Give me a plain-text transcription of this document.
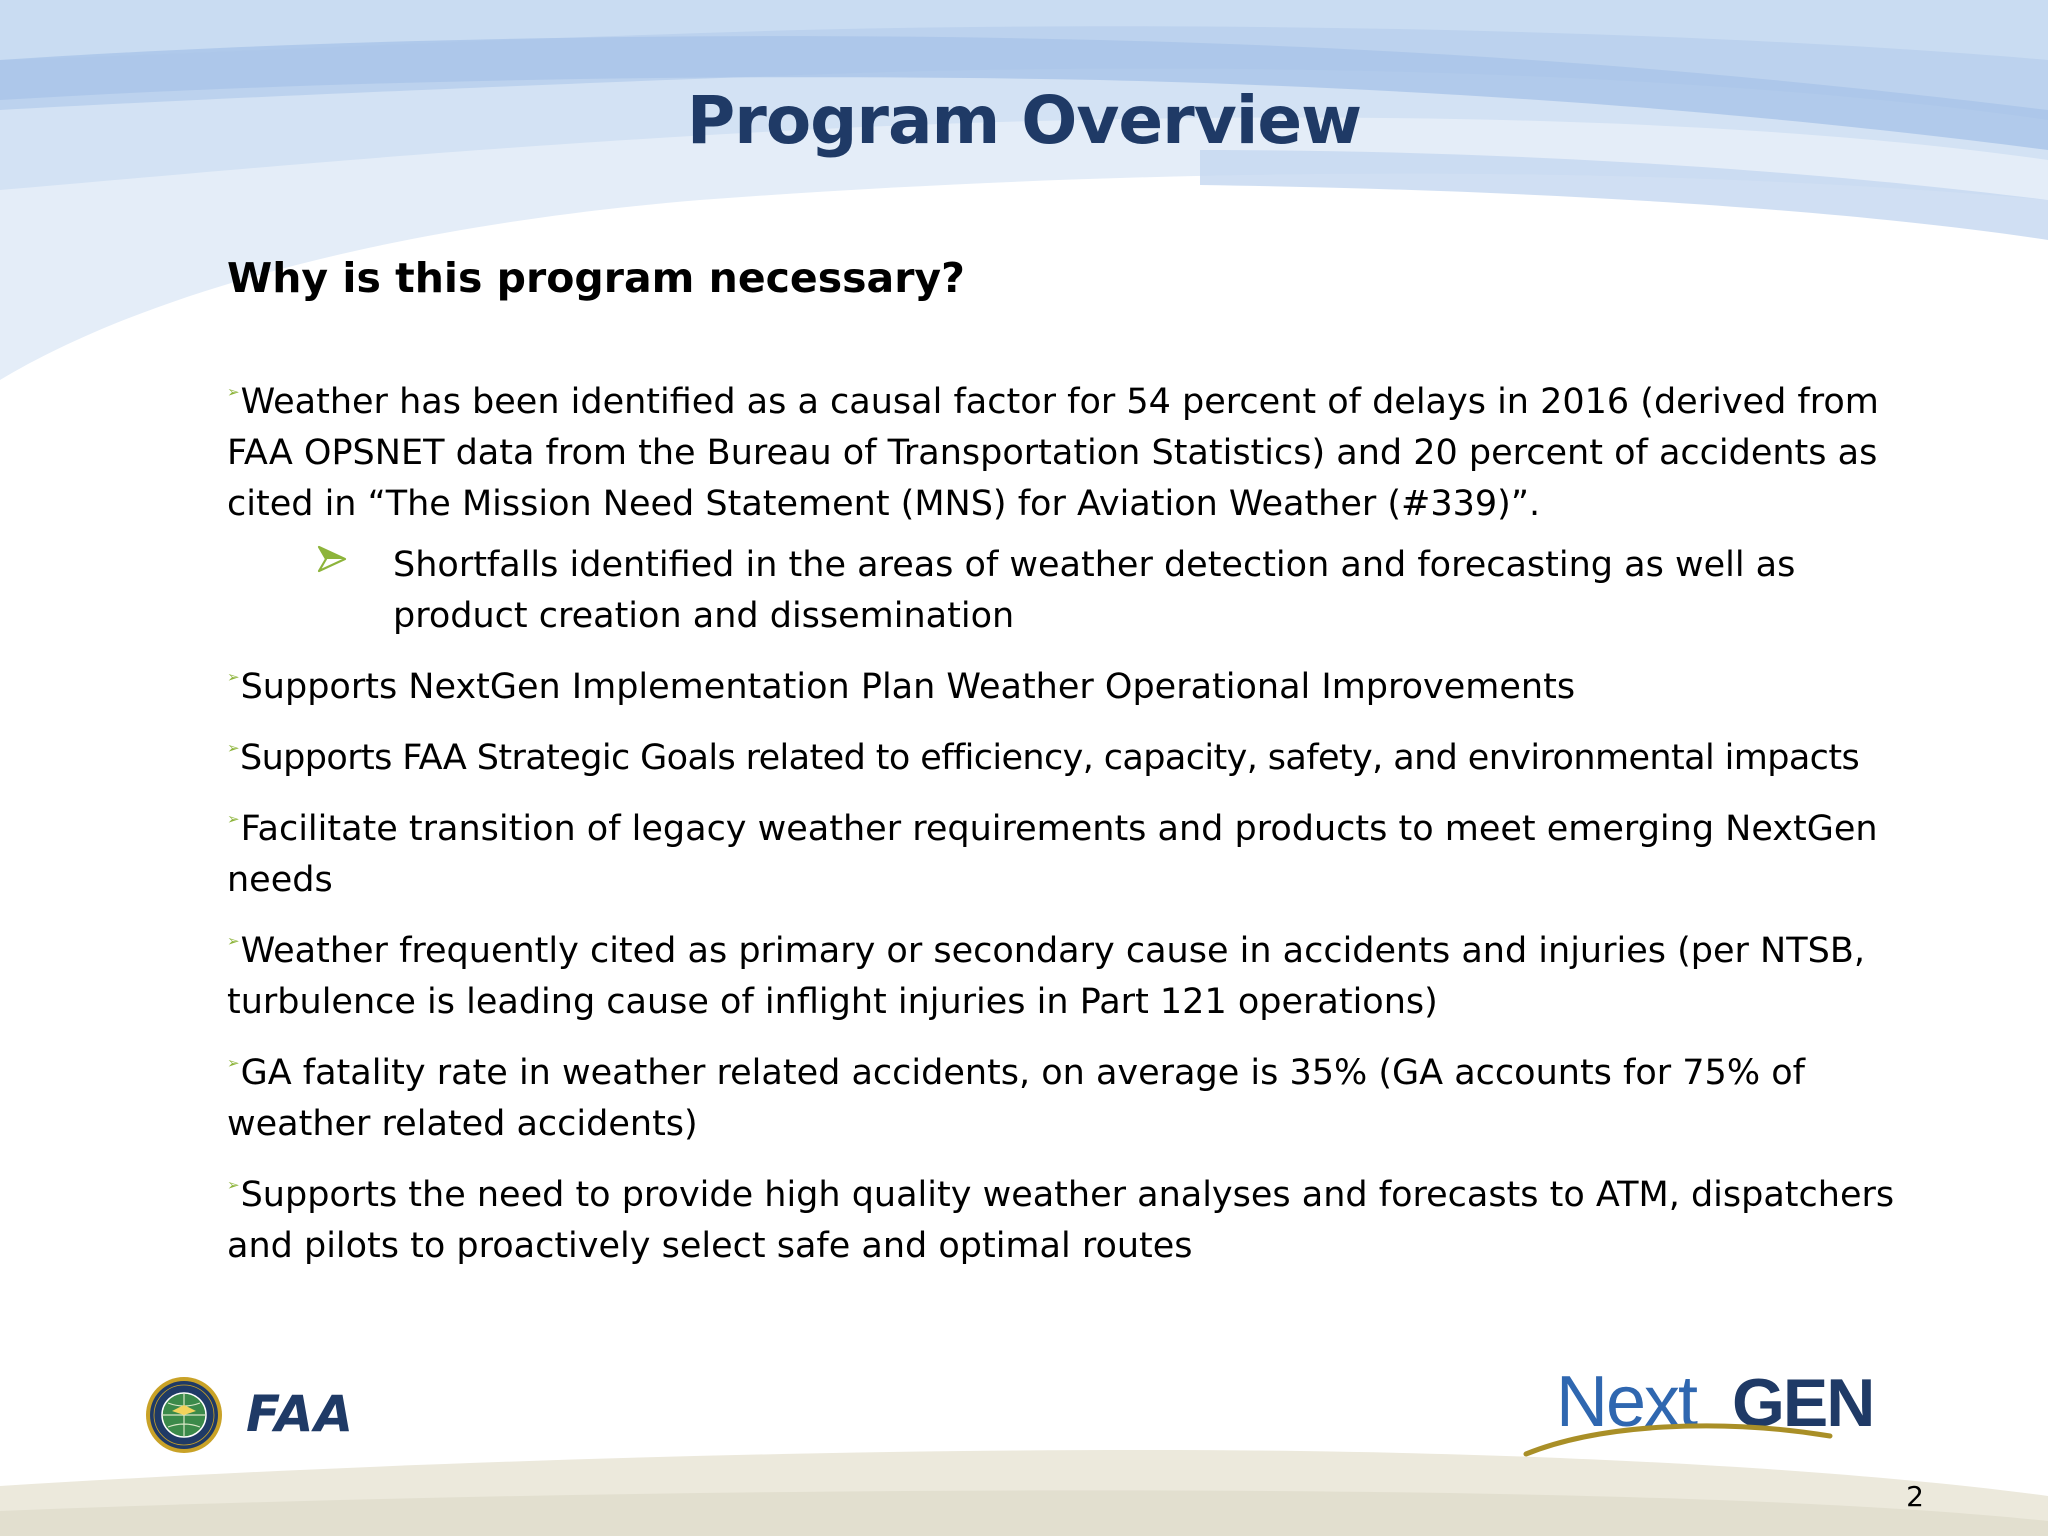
Program Overview
Why is this program necessary?

➢Weather has been identified as a causal factor for 54 percent of delays in 2016 (derived from FAA OPSNET data from the Bureau of Transportation Statistics) and 20 percent of accidents as cited in “The Mission Need Statement (MNS) for Aviation Weather (#339)”.

Shortfalls identified in the areas of weather detection and forecasting as well as product creation and dissemination

➢Supports NextGen Implementation Plan Weather Operational Improvements

➢Supports FAA Strategic Goals related to efficiency, capacity, safety, and environmental impacts

➢Facilitate transition of legacy weather requirements and products to meet emerging NextGen needs

➢Weather frequently cited as primary or secondary cause in accidents and injuries (per NTSB, turbulence is leading cause of inflight injuries in Part 121 operations)

➢GA fatality rate in weather related accidents, on average is 35% (GA accounts for 75% of weather related accidents)

➢Supports the need to provide high quality weather analyses and forecasts to ATM, dispatchers and pilots to proactively select safe and optimal routes

FAA	Next GEN
2
